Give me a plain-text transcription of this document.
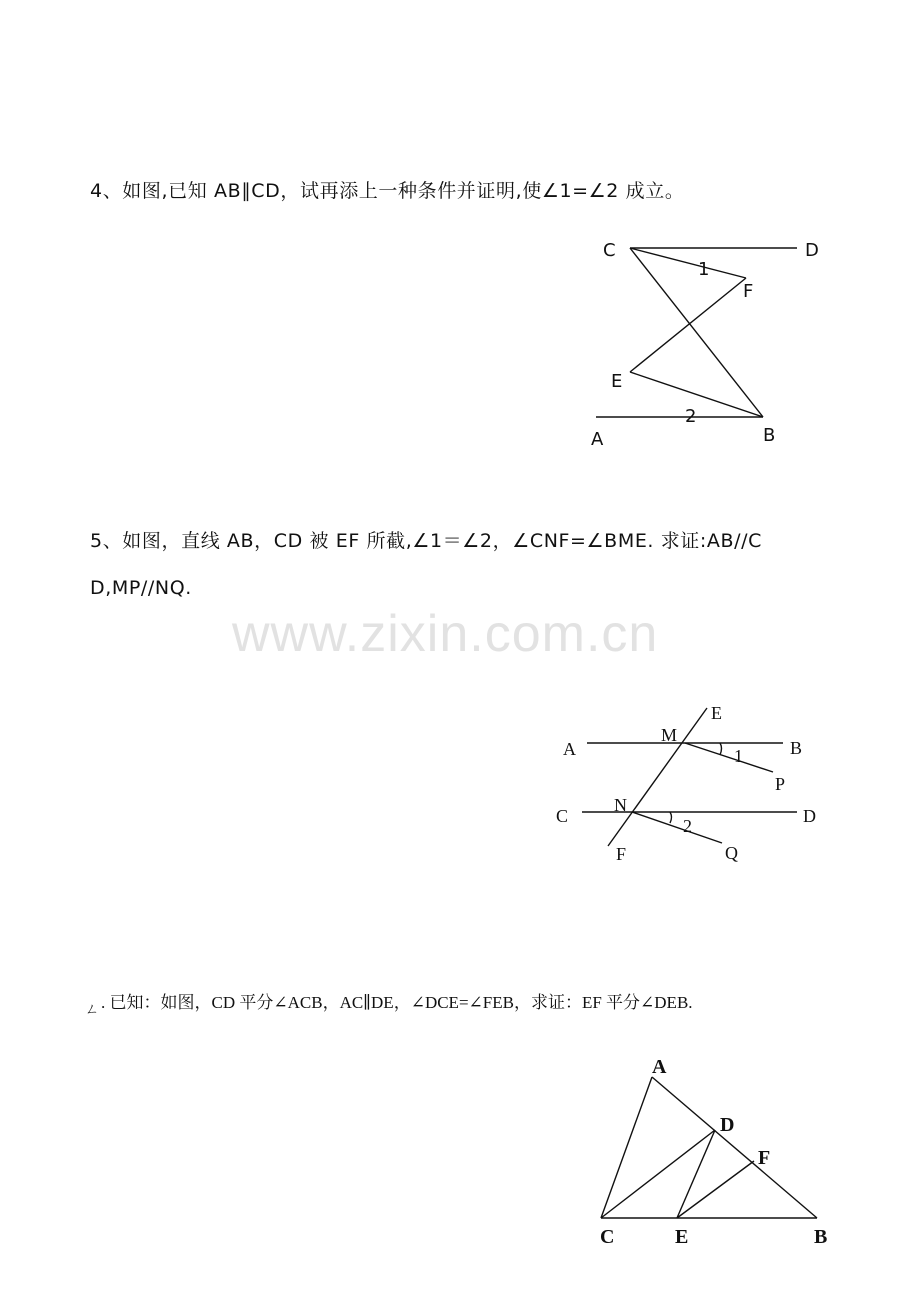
4、如图,已知 AB∥CD，试再添上一种条件并证明,使∠1=∠2 成立。
C	D
1
F
E
2
A	B
5、如图，直线 AB，CD 被 EF 所截,∠1＝∠2，∠CNF=∠BME. 求证:AB//C
D,MP//NQ.
www.zixin.com.cn
E
A
M
B
1
P
C
N
D
2
F	Q
ㄥ . 已知：如图，CD 平分∠ACB，AC∥DE，∠DCE=∠FEB，求证：EF 平分∠DEB.
A
D
F
C	E	B
